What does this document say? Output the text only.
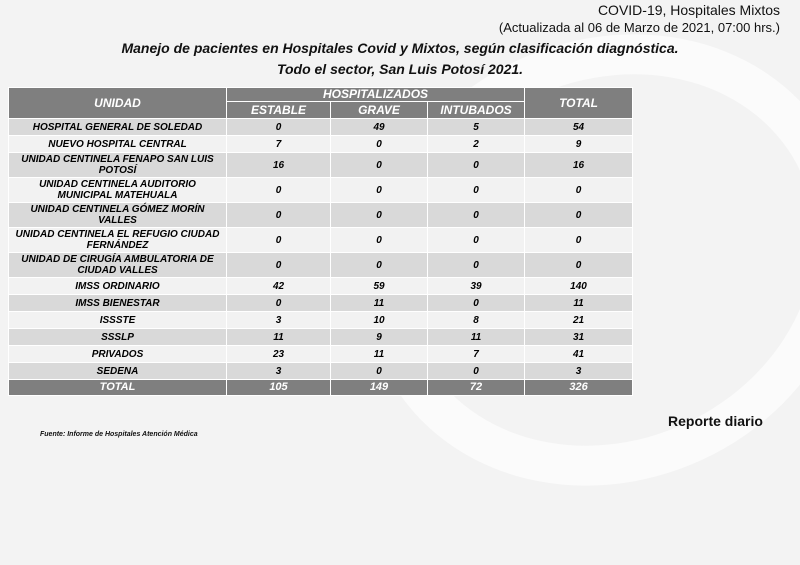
COVID-19, Hospitales Mixtos
(Actualizada al 06 de Marzo de 2021, 07:00 hrs.)
Manejo de pacientes en Hospitales Covid y Mixtos, según clasificación diagnóstica.
Todo el sector, San Luis Potosí 2021.
UNIDAD	HOSPITALIZADOS			TOTAL
	ESTABLE	GRAVE	INTUBADOS	
HOSPITAL GENERAL DE SOLEDAD	0	49	5	54
NUEVO HOSPITAL CENTRAL	7	0	2	9
UNIDAD CENTINELA FENAPO SAN LUIS POTOSÍ	16	0	0	16
UNIDAD CENTINELA AUDITORIO MUNICIPAL MATEHUALA	0	0	0	0
UNIDAD CENTINELA GÓMEZ MORÍN VALLES	0	0	0	0
UNIDAD CENTINELA EL REFUGIO CIUDAD FERNÁNDEZ	0	0	0	0
UNIDAD DE CIRUGÍA AMBULATORIA DE CIUDAD VALLES	0	0	0	0
IMSS ORDINARIO	42	59	39	140
IMSS BIENESTAR	0	11	0	11
ISSSTE	3	10	8	21
SSSLP	11	9	11	31
PRIVADOS	23	11	7	41
SEDENA	3	0	0	3
TOTAL	105	149	72	326
Fuente: Informe de Hospitales Atención Médica
Reporte diario
